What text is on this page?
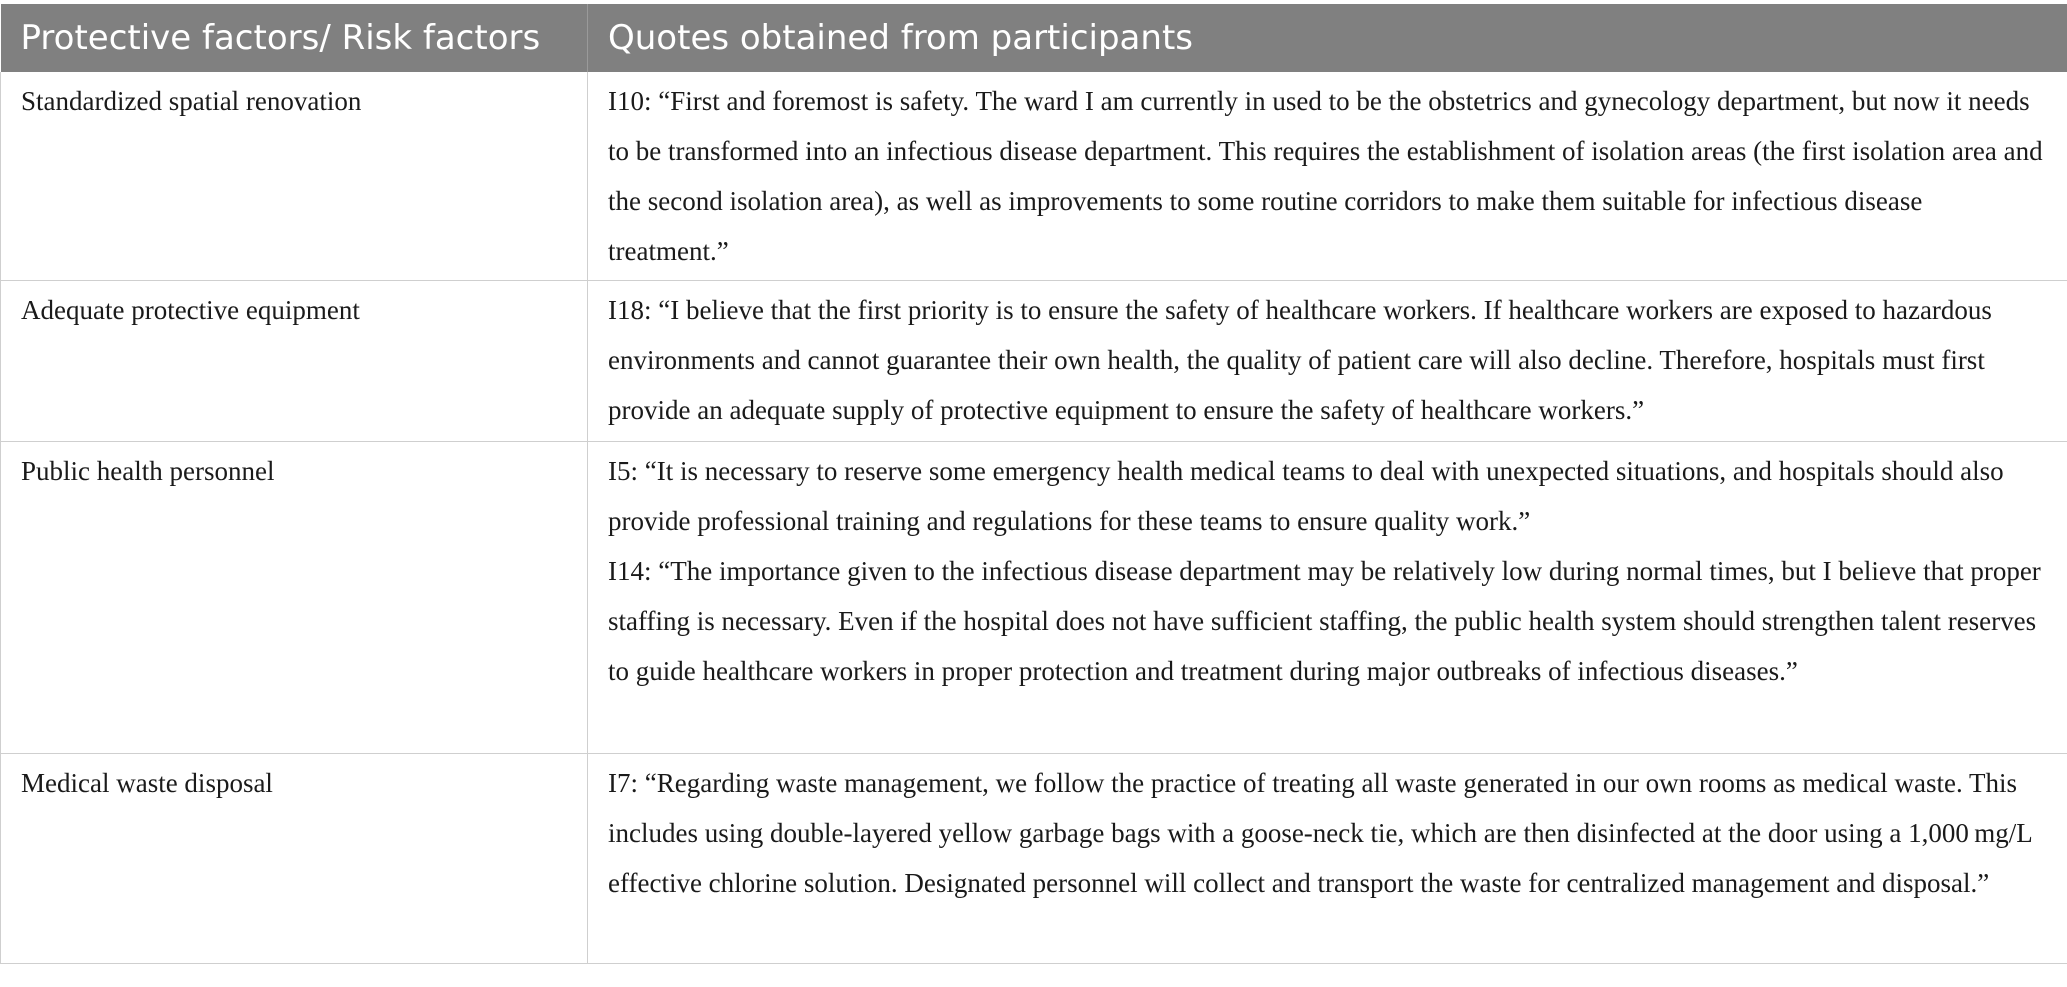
Protective factors/ Risk factors	Quotes obtained from participants
Standardized spatial renovation	I10: “First and foremost is safety. The ward I am currently in used to be the obstetrics and gynecology department, but now it needs to be transformed into an infectious disease department. This requires the establishment of isolation areas (the first isolation area and the second isolation area), as well as improvements to some routine corridors to make them suitable for infectious disease treatment.”

Adequate protective equipment	I18: “I believe that the first priority is to ensure the safety of healthcare workers. If healthcare workers are exposed to hazardous environments and cannot guarantee their own health, the quality of patient care will also decline. Therefore, hospitals must first provide an adequate supply of protective equipment to ensure the safety of healthcare workers.”

Public health personnel	I5: “It is necessary to reserve some emergency health medical teams to deal with unexpected situations, and hospitals should also provide professional training and regulations for these teams to ensure quality work.”

I14: “The importance given to the infectious disease department may be relatively low during normal times, but I believe that proper staffing is necessary. Even if the hospital does not have sufficient staffing, the public health system should strengthen talent reserves to guide healthcare workers in proper protection and treatment during major outbreaks of infectious diseases.”

Medical waste disposal	I7: “Regarding waste management, we follow the practice of treating all waste generated in our own rooms as medical waste. This includes using double-layered yellow garbage bags with a goose-neck tie, which are then disinfected at the door using a 1,000 mg/L effective chlorine solution. Designated personnel will collect and transport the waste for centralized management and disposal.”
